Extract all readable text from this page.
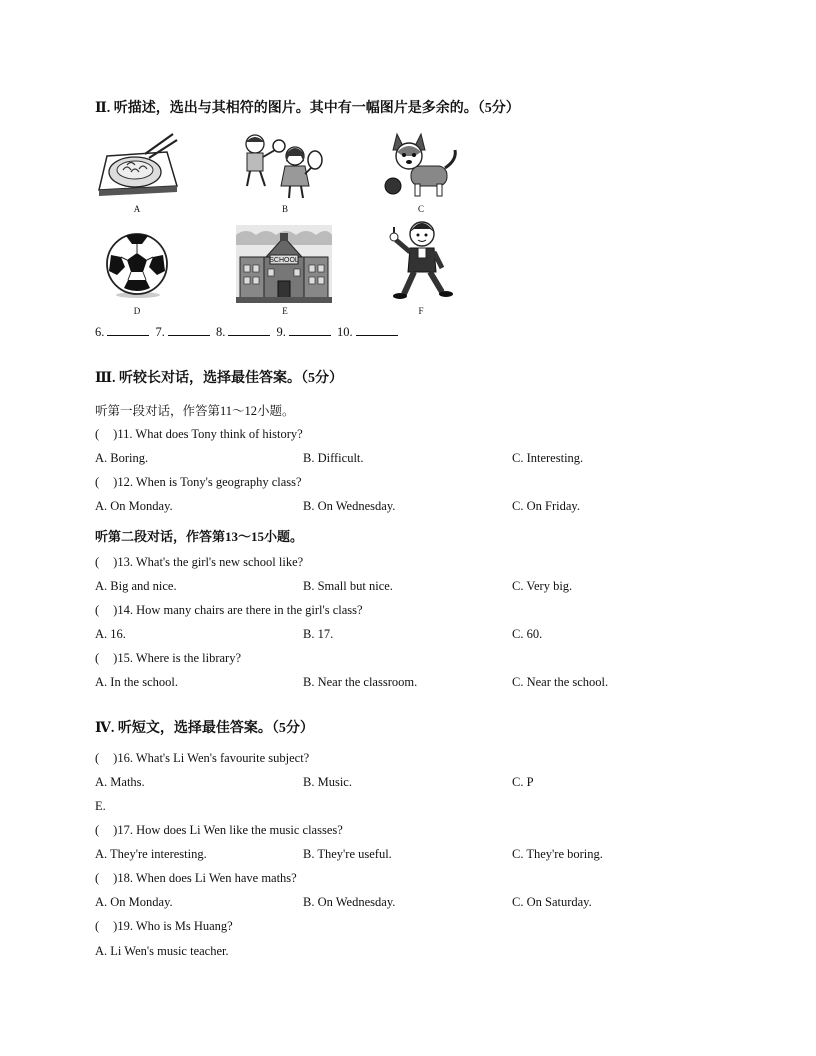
Ⅱ. 听描述，选出与其相符的图片。其中有一幅图片是多余的。（5分）
A	B	C
D
SCHOOL
E	F
6.	7.	8.	9.	10.
Ⅲ. 听较长对话，选择最佳答案。（5分）
听第一段对话，作答第11～12小题。
( )11. What does Tony think of history?
A. Boring.	B. Difficult.	C. Interesting.
( )12. When is Tony's geography class?
A. On Monday.	B. On Wednesday.	C. On Friday.
听第二段对话，作答第13～15小题。
( )13. What's the girl's new school like?
A. Big and nice.	B. Small but nice.	C. Very big.
( )14. How many chairs are there in the girl's class?
A. 16.	B. 17.	C. 60.
( )15. Where is the library?
A. In the school.	B. Near the classroom.	C. Near the school.
Ⅳ. 听短文，选择最佳答案。（5分）
( )16. What's Li Wen's favourite subject?
A. Maths.	B. Music.	C. P
E.
( )17. How does Li Wen like the music classes?
A. They're interesting.	B. They're useful.	C. They're boring.
( )18. When does Li Wen have maths?
A. On Monday.	B. On Wednesday.	C. On Saturday.
( )19. Who is Ms Huang?
A. Li Wen's music teacher.
